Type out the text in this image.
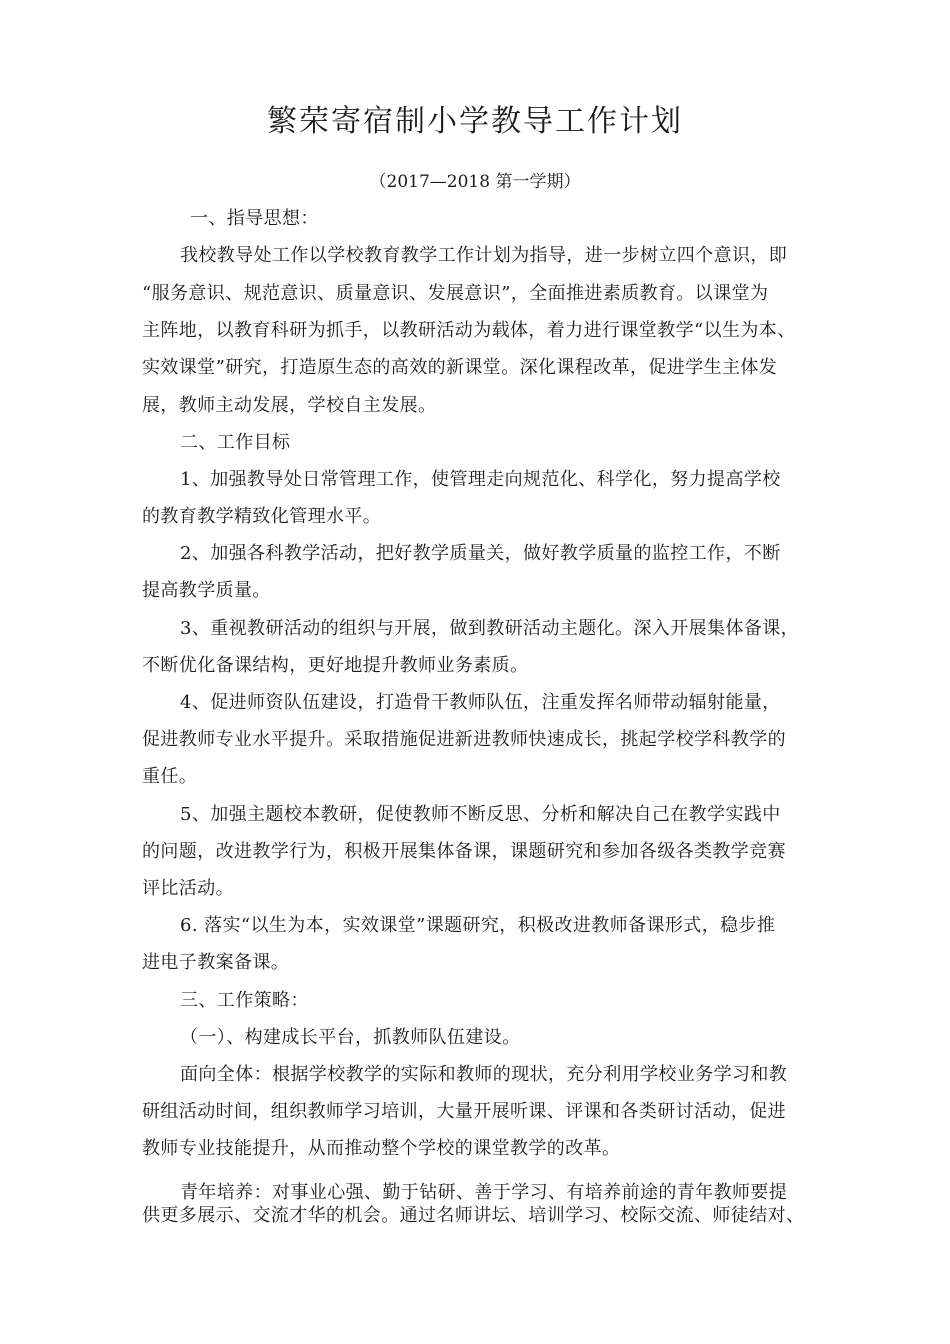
繁荣寄宿制小学教导工作计划
（2017—2018 第一学期）
一、指导思想：
我校教导处工作以学校教育教学工作计划为指导，进一步树立四个意识，即
“服务意识、规范意识、质量意识、发展意识”，全面推进素质教育。以课堂为
主阵地，以教育科研为抓手，以教研活动为载体，着力进行课堂教学“以生为本、
实效课堂”研究，打造原生态的高效的新课堂。深化课程改革，促进学生主体发
展，教师主动发展，学校自主发展。
二、工作目标
1、加强教导处日常管理工作，使管理走向规范化、科学化，努力提高学校
的教育教学精致化管理水平。
2、加强各科教学活动，把好教学质量关，做好教学质量的监控工作，不断
提高教学质量。
3、重视教研活动的组织与开展，做到教研活动主题化。深入开展集体备课，
不断优化备课结构，更好地提升教师业务素质。
4、促进师资队伍建设，打造骨干教师队伍，注重发挥名师带动辐射能量，
促进教师专业水平提升。采取措施促进新进教师快速成长，挑起学校学科教学的
重任。
5、加强主题校本教研，促使教师不断反思、分析和解决自己在教学实践中
的问题，改进教学行为，积极开展集体备课，课题研究和参加各级各类教学竞赛
评比活动。
6. 落实“以生为本，实效课堂”课题研究，积极改进教师备课形式，稳步推
进电子教案备课。
三、工作策略：
（一）、构建成长平台，抓教师队伍建设。
面向全体：根据学校教学的实际和教师的现状，充分利用学校业务学习和教
研组活动时间，组织教师学习培训，大量开展听课、评课和各类研讨活动，促进
教师专业技能提升，从而推动整个学校的课堂教学的改革。
青年培养：对事业心强、勤于钻研、善于学习、有培养前途的青年教师要提
供更多展示、交流才华的机会。通过名师讲坛、培训学习、校际交流、师徒结对、
